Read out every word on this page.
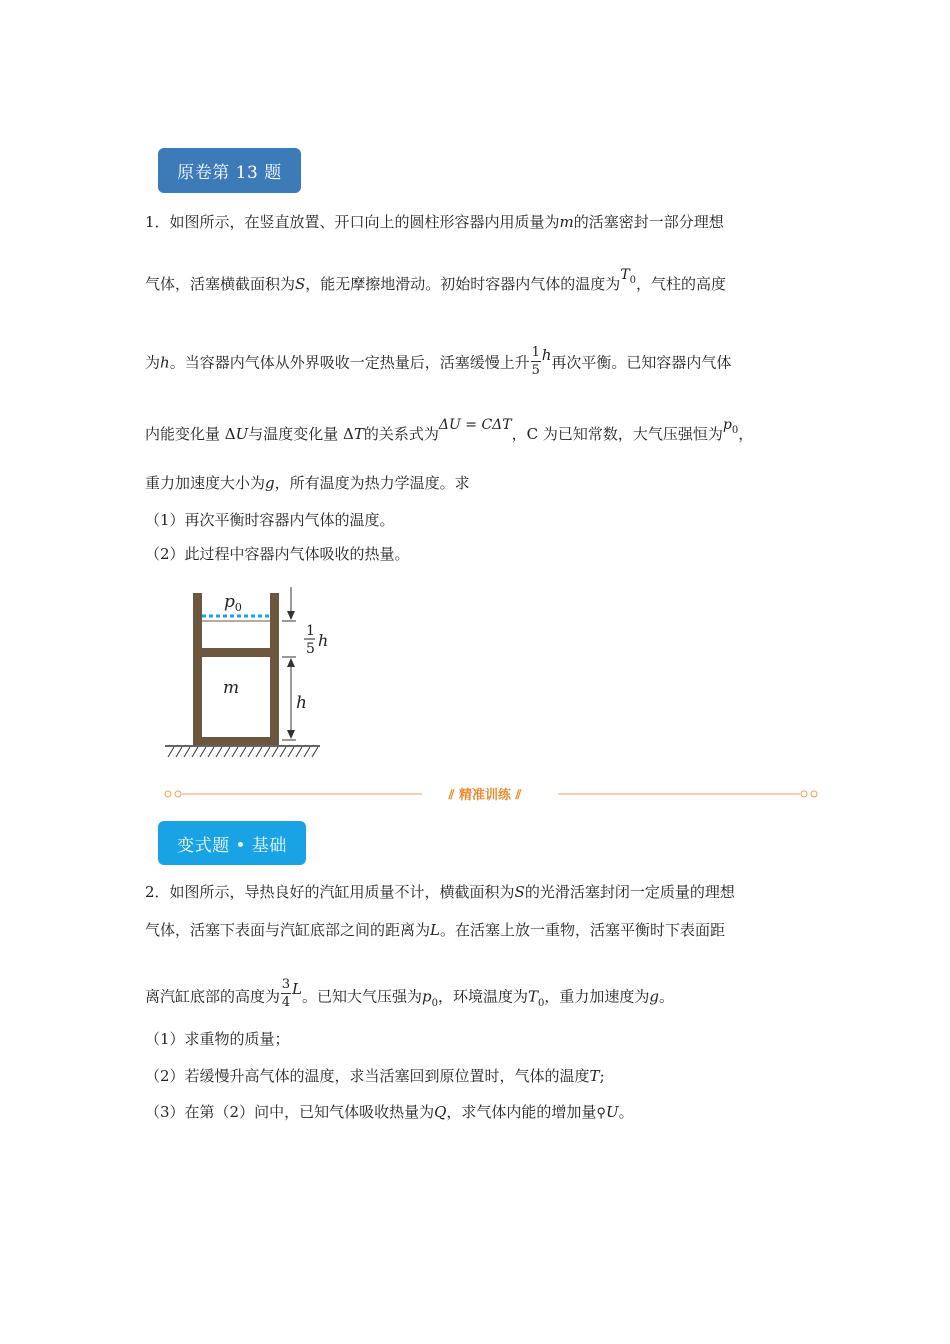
原卷第 13 题
1．如图所示，在竖直放置、开口向上的圆柱形容器内用质量为m的活塞密封一部分理想
气体，活塞横截面积为S，能无摩擦地滑动。初始时容器内气体的温度为$T_0$，气柱的高度
为h。当容器内气体从外界吸收一定热量后，活塞缓慢上升 $\frac{1}{5}$ h再次平衡。已知容器内气体
内能变化量 ΔU与温度变化量 ΔT的关系式为ΔU = CΔT，C 为已知常数，大气压强恒为$p_0$，
重力加速度大小为g，所有温度为热力学温度。求
（1）再次平衡时容器内气体的温度。
（2）此过程中容器内气体吸收的热量。
$p_0$
m
h
1
5 h
⫽ 精准训练 ⫽
变式题 • 基础
2．如图所示，导热良好的汽缸用质量不计，横截面积为S的光滑活塞封闭一定质量的理想
气体，活塞下表面与汽缸底部之间的距离为L。在活塞上放一重物，活塞平衡时下表面距
离汽缸底部的高度为 $\frac{3}{4}$ L。已知大气压强为$p_0$，环境温度为$T_0$，重力加速度为g。
（1）求重物的质量；
（2）若缓慢升高气体的温度，求当活塞回到原位置时，气体的温度T;
（3）在第（2）问中，已知气体吸收热量为Q，求气体内能的增加量⚲U。
